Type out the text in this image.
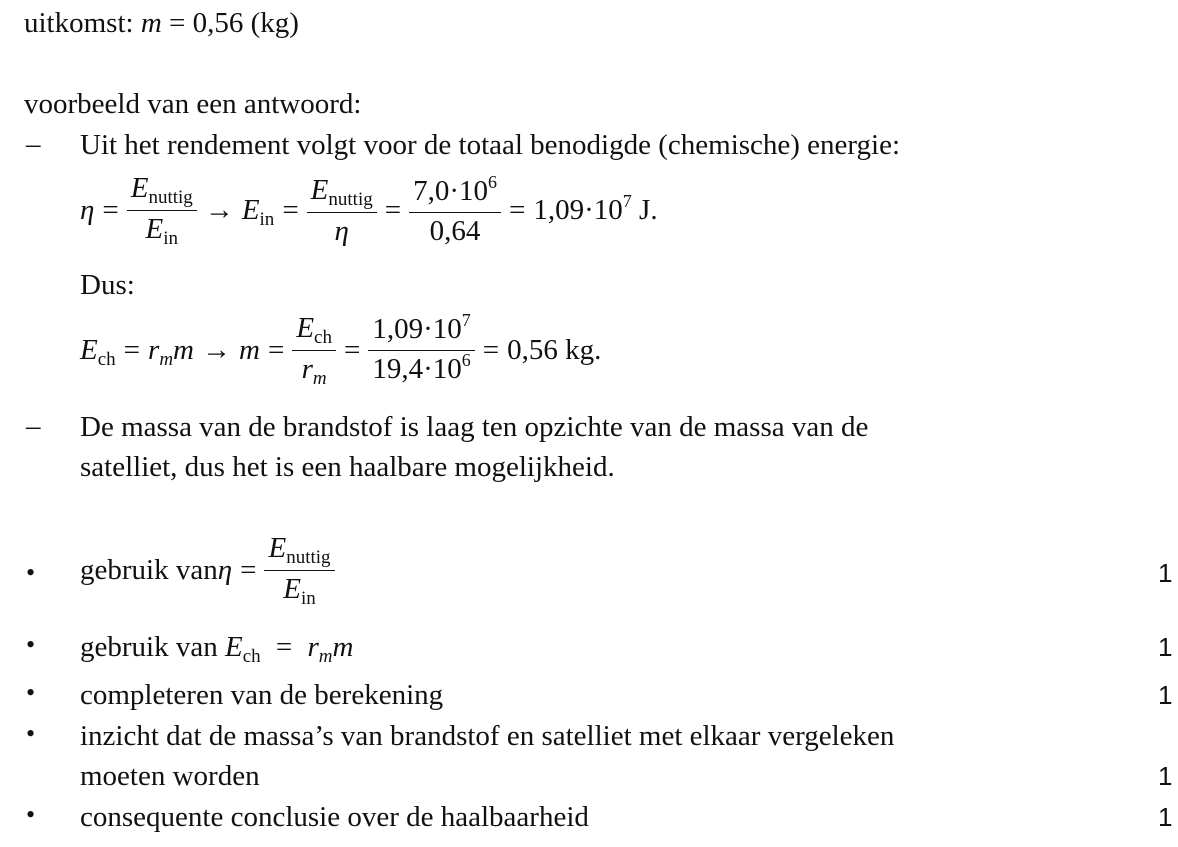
uitkomst: m = 0,56 (kg)
voorbeeld van een antwoord:
– Uit het rendement volgt voor de totaal benodigde (chemische) energie:
$\eta = \frac{E_{nuttig}}{E_{in}} \to E_{in} = \frac{E_{nuttig}}{\eta} = \frac{7,0\cdot 10^6}{0,64} = 1,09\cdot 10^7$ J.
Dus:
$E_{ch} = r_mm \to m = \frac{E_{ch}}{r_m} = \frac{1,09\cdot 10^7}{19,4\cdot 10^6} = 0,56$ kg.
– De massa van de brandstof is laag ten opzichte van de massa van de
satelliet, dus het is een haalbare mogelijkheid.
• gebruik van $\eta = \frac{E_{nuttig}}{E_{in}}$	1
• gebruik van $E_{ch} = r_mm$	1
• completeren van de berekening	1
• inzicht dat de massa’s van brandstof en satelliet met elkaar vergeleken
moeten worden	1
• consequente conclusie over de haalbaarheid	1
